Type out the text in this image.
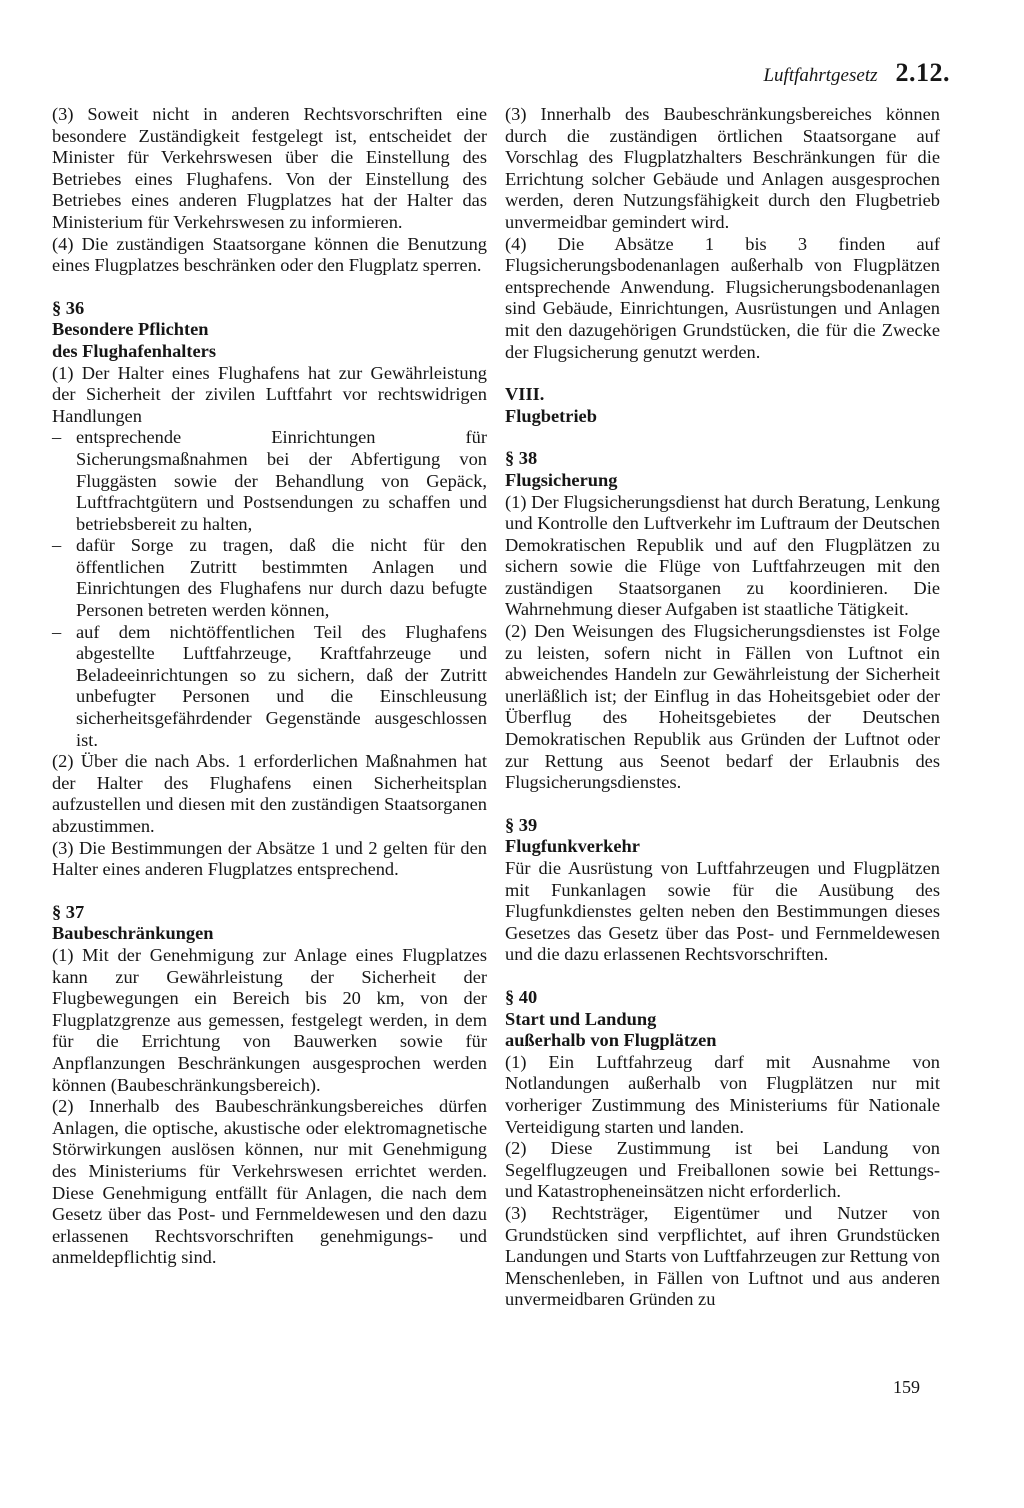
Luftfahrtgesetz 2.12.

(3) Soweit nicht in anderen Rechtsvorschriften eine besondere Zuständigkeit festgelegt ist, entscheidet der Minister für Verkehrswesen über die Einstellung des Betriebes eines Flughafens. Von der Einstellung des Betriebes eines anderen Flugplatzes hat der Halter das Ministerium für Verkehrswesen zu informieren.

(4) Die zuständigen Staatsorgane können die Benutzung eines Flugplatzes beschränken oder den Flugplatz sperren.

§ 36
Besondere Pflichten
des Flughafenhalters

(1) Der Halter eines Flughafens hat zur Gewährleistung der Sicherheit der zivilen Luftfahrt vor rechtswidrigen Handlungen

– entsprechende Einrichtungen für Sicherungsmaßnahmen bei der Abfertigung von Fluggästen sowie der Behandlung von Gepäck, Luftfrachtgütern und Postsendungen zu schaffen und betriebsbereit zu halten,
– dafür Sorge zu tragen, daß die nicht für den öffentlichen Zutritt bestimmten Anlagen und Einrichtungen des Flughafens nur durch dazu befugte Personen betreten werden können,
– auf dem nichtöffentlichen Teil des Flughafens abgestellte Luftfahrzeuge, Kraftfahrzeuge und Beladeeinrichtungen so zu sichern, daß der Zutritt unbefugter Personen und die Einschleusung sicherheitsgefährdender Gegenstände ausgeschlossen ist.

(2) Über die nach Abs. 1 erforderlichen Maßnahmen hat der Halter des Flughafens einen Sicherheitsplan aufzustellen und diesen mit den zuständigen Staatsorganen abzustimmen.

(3) Die Bestimmungen der Absätze 1 und 2 gelten für den Halter eines anderen Flugplatzes entsprechend.

§ 37
Baubeschränkungen

(1) Mit der Genehmigung zur Anlage eines Flugplatzes kann zur Gewährleistung der Sicherheit der Flugbewegungen ein Bereich bis 20 km, von der Flugplatzgrenze aus gemessen, festgelegt werden, in dem für die Errichtung von Bauwerken sowie für Anpflanzungen Beschränkungen ausgesprochen werden können (Baubeschränkungsbereich).

(2) Innerhalb des Baubeschränkungsbereiches dürfen Anlagen, die optische, akustische oder elektromagnetische Störwirkungen auslösen können, nur mit Genehmigung des Ministeriums für Verkehrswesen errichtet werden. Diese Genehmigung entfällt für Anlagen, die nach dem Gesetz über das Post- und Fernmeldewesen und den dazu erlassenen Rechtsvorschriften genehmigungs- und anmeldepflichtig sind.

(3) Innerhalb des Baubeschränkungsbereiches können durch die zuständigen örtlichen Staatsorgane auf Vorschlag des Flugplatzhalters Beschränkungen für die Errichtung solcher Gebäude und Anlagen ausgesprochen werden, deren Nutzungsfähigkeit durch den Flugbetrieb unvermeidbar gemindert wird.

(4) Die Absätze 1 bis 3 finden auf Flugsicherungsbodenanlagen außerhalb von Flugplätzen entsprechende Anwendung. Flugsicherungsbodenanlagen sind Gebäude, Einrichtungen, Ausrüstungen und Anlagen mit den dazugehörigen Grundstücken, die für die Zwecke der Flugsicherung genutzt werden.

VIII.
Flugbetrieb
§ 38
Flugsicherung

(1) Der Flugsicherungsdienst hat durch Beratung, Lenkung und Kontrolle den Luftverkehr im Luftraum der Deutschen Demokratischen Republik und auf den Flugplätzen zu sichern sowie die Flüge von Luftfahrzeugen mit den zuständigen Staatsorganen zu koordinieren. Die Wahrnehmung dieser Aufgaben ist staatliche Tätigkeit.

(2) Den Weisungen des Flugsicherungsdienstes ist Folge zu leisten, sofern nicht in Fällen von Luftnot ein abweichendes Handeln zur Gewährleistung der Sicherheit unerläßlich ist; der Einflug in das Hoheitsgebiet oder der Überflug des Hoheitsgebietes der Deutschen Demokratischen Republik aus Gründen der Luftnot oder zur Rettung aus Seenot bedarf der Erlaubnis des Flugsicherungsdienstes.

§ 39
Flugfunkverkehr

Für die Ausrüstung von Luftfahrzeugen und Flugplätzen mit Funkanlagen sowie für die Ausübung des Flugfunkdienstes gelten neben den Bestimmungen dieses Gesetzes das Gesetz über das Post- und Fernmeldewesen und die dazu erlassenen Rechtsvorschriften.

§ 40
Start und Landung
außerhalb von Flugplätzen

(1) Ein Luftfahrzeug darf mit Ausnahme von Notlandungen außerhalb von Flugplätzen nur mit vorheriger Zustimmung des Ministeriums für Nationale Verteidigung starten und landen.

(2) Diese Zustimmung ist bei Landung von Segelflugzeugen und Freiballonen sowie bei Rettungs- und Katastropheneinsätzen nicht erforderlich.

(3) Rechtsträger, Eigentümer und Nutzer von Grundstücken sind verpflichtet, auf ihren Grundstücken Landungen und Starts von Luftfahrzeugen zur Rettung von Menschenleben, in Fällen von Luftnot und aus anderen unvermeidbaren Gründen zu

159
